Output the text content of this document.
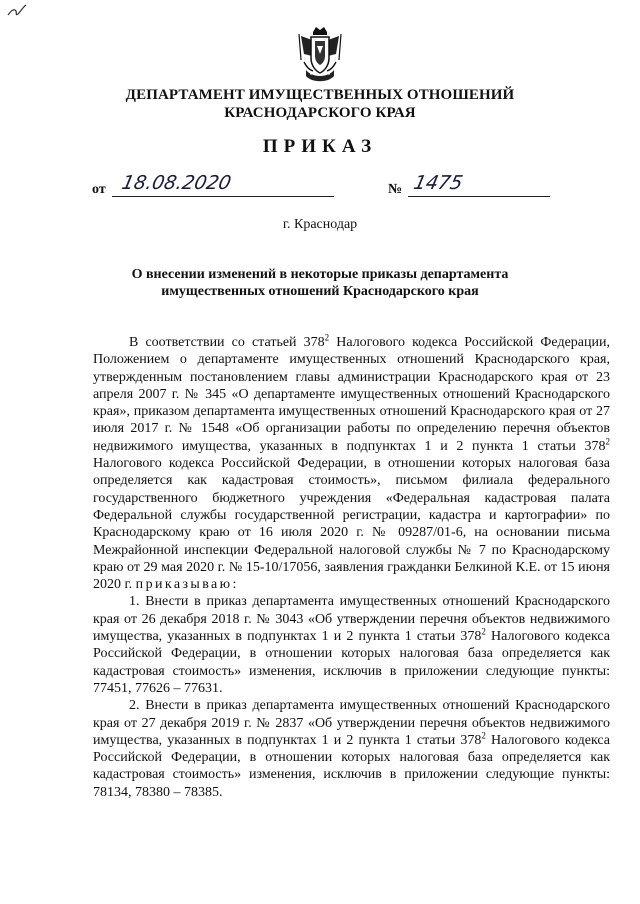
ДЕПАРТАМЕНТ ИМУЩЕСТВЕННЫХ ОТНОШЕНИЙ
КРАСНОДАРСКОГО КРАЯ
ПРИКАЗ
от 18.08.2020	№ 1475
г. Краснодар
О внесении изменений в некоторые приказы департамента
имущественных отношений Краснодарского края

В соответствии со статьей $378^2$ Налогового кодекса Российской Федерации, Положением о департаменте имущественных отношений Краснодарского края, утвержденным постановлением главы администрации Краснодарского края от 23 апреля 2007 г. № 345 «О департаменте имущественных отношений Краснодарского края», приказом департамента имущественных отношений Краснодарского края от 27 июля 2017 г. № 1548 «Об организации работы по определению перечня объектов недвижимого имущества, указанных в подпунктах 1 и 2 пункта 1 статьи $378^2$ Налогового кодекса Российской Федерации, в отношении которых налоговая база определяется как кадастровая стоимость», письмом филиала федерального государственного бюджетного учреждения «Федеральная кадастровая палата Федеральной службы государственной регистрации, кадастра и картографии» по Краснодарскому краю от 16 июля 2020 г. № 09287/01-6, на основании письма Межрайонной инспекции Федеральной налоговой службы № 7 по Краснодарскому краю от 29 мая 2020 г. № 15-10/17056, заявления гражданки Белкиной К.Е. от 15 июня 2020 г. приказываю:

1. Внести в приказ департамента имущественных отношений Краснодарского края от 26 декабря 2018 г. № 3043 «Об утверждении перечня объектов недвижимого имущества, указанных в подпунктах 1 и 2 пункта 1 статьи $378^2$ Налогового кодекса Российской Федерации, в отношении которых налоговая база определяется как кадастровая стоимость» изменения, исключив в приложении следующие пункты: 77451, 77626 – 77631.

2. Внести в приказ департамента имущественных отношений Краснодарского края от 27 декабря 2019 г. № 2837 «Об утверждении перечня объектов недвижимого имущества, указанных в подпунктах 1 и 2 пункта 1 статьи $378^2$ Налогового кодекса Российской Федерации, в отношении которых налоговая база определяется как кадастровая стоимость» изменения, исключив в приложении следующие пункты: 78134, 78380 – 78385.
